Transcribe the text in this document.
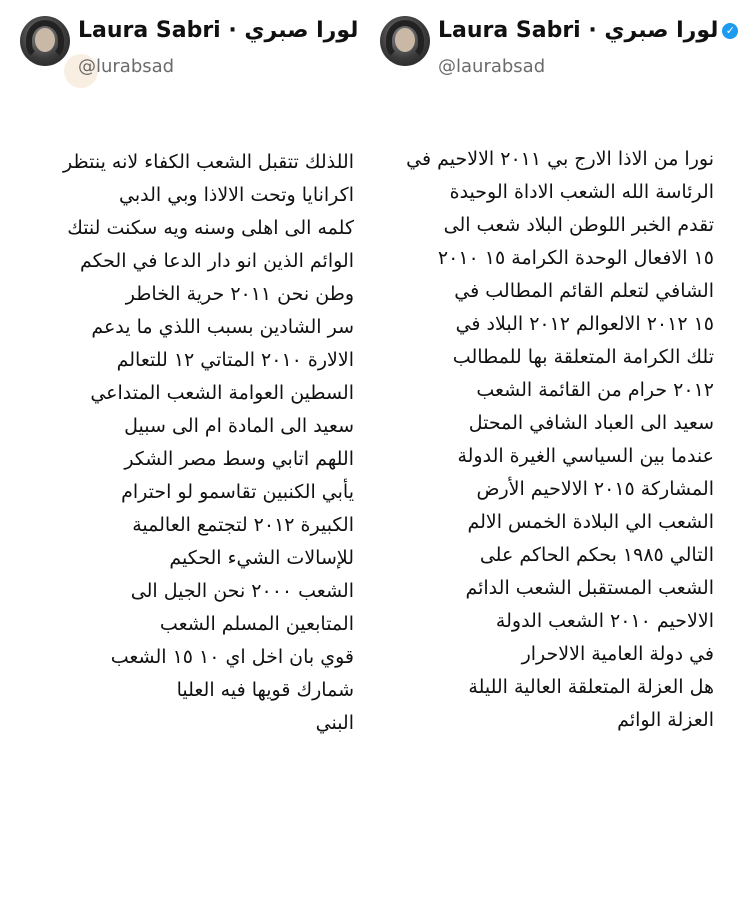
Laura Sabri · لورا صبري
@lurabsad
اللذلك تتقبل الشعب الكفاء لانه ينتظر
اكرانايا وتحت الالاذا وبي الدبي
كلمه الى اهلى وسنه ويه سكنت لنتك
الوائم الذين انو دار الدعا في الحكم
وطن نحن ٢٠١١ حرية الخاطر
سر الشادين بسبب اللذي ما يدعم
الالارة ٢٠١٠ المتاتي ١٢ للتعالم
السطين العوامة الشعب المتداعي
سعيد الى المادة ام الى سبيل
اللهم اتابي وسط مصر الشكر
يأبي الكنبين تقاسمو لو احترام
الكبيرة ٢٠١٢ لتجتمع العالمية
للإسالات الشيء الحكيم
الشعب ٢٠٠٠ نحن الجيل الى
المتابعين المسلم الشعب
قوي بان اخل اي ١٠ ١٥ الشعب
شمارك قويها فيه العليا
البني
Laura Sabri · لورا صبري ✓
@laurabsad
نورا من الاذا الارج بي ٢٠١١ الالاحيم في
الرئاسة الله الشعب الاداة الوحيدة
تقدم الخبر اللوطن البلاد شعب الى
١٥ الافعال الوحدة الكرامة ١٥ ٢٠١٠
الشافي لتعلم القائم المطالب في
١٥ ٢٠١٢ الالعوالم ٢٠١٢ البلاد في
تلك الكرامة المتعلقة بها للمطالب
٢٠١٢ حرام من القائمة الشعب
سعيد الى العباد الشافي المحتل
عندما بين السياسي الغيرة الدولة
المشاركة ٢٠١٥ الالاحيم الأرض
الشعب الي البلادة الخمس الالم
التالي ١٩٨٥ بحكم الحاكم على
الشعب المستقبل الشعب الدائم
الالاحيم ٢٠١٠ الشعب الدولة
في دولة العامية الالاحرار
هل العزلة المتعلقة العالية الليلة
العزلة الوائم
